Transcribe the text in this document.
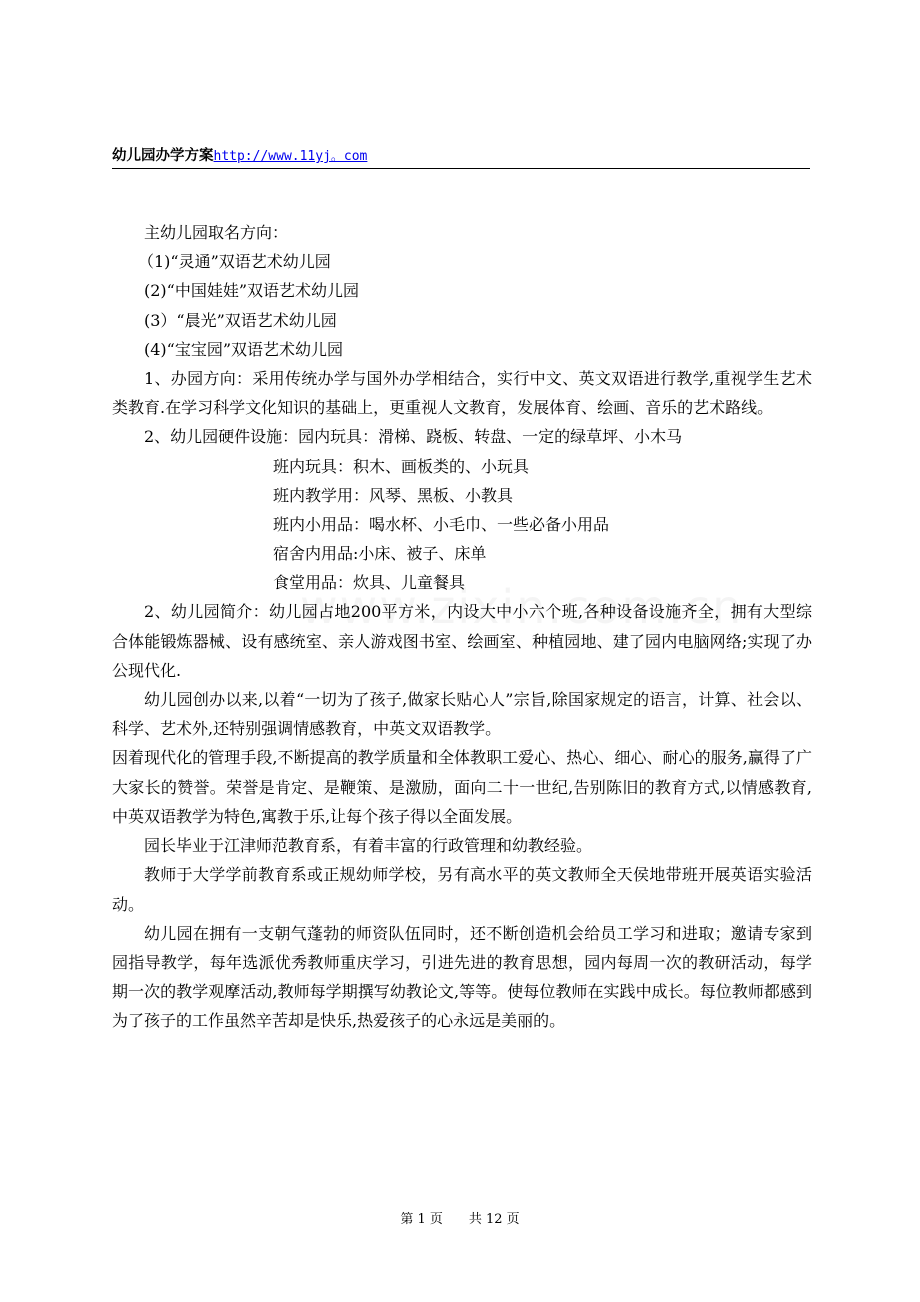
幼儿园办学方案http://www.11yj。com
主幼儿园取名方向：
（1)“灵通”双语艺术幼儿园
(2)“中国娃娃”双语艺术幼儿园
(3）“晨光”双语艺术幼儿园
(4)“宝宝园”双语艺术幼儿园
1、办园方向：采用传统办学与国外办学相结合，实行中文、英文双语进行教学,重视学生艺术类教育.在学习科学文化知识的基础上，更重视人文教育，发展体育、绘画、音乐的艺术路线。
2、幼儿园硬件设施：园内玩具：滑梯、跷板、转盘、一定的绿草坪、小木马
班内玩具：积木、画板类的、小玩具
班内教学用：风琴、黑板、小教具
班内小用品：喝水杯、小毛巾、一些必备小用品
宿舍内用品:小床、被子、床单
食堂用品：炊具、儿童餐具
2、幼儿园简介：幼儿园占地200平方米，内设大中小六个班,各种设备设施齐全，拥有大型综合体能锻炼器械、设有感统室、亲人游戏图书室、绘画室、种植园地、建了园内电脑网络;实现了办公现代化.
幼儿园创办以来,以着“一切为了孩子,做家长贴心人”宗旨,除国家规定的语言，计算、社会以、科学、艺术外,还特别强调情感教育，中英文双语教学。
因着现代化的管理手段,不断提高的教学质量和全体教职工爱心、热心、细心、耐心的服务,赢得了广大家长的赞誉。荣誉是肯定、是鞭策、是激励，面向二十一世纪,告别陈旧的教育方式,以情感教育,中英双语教学为特色,寓教于乐,让每个孩子得以全面发展。
园长毕业于江津师范教育系，有着丰富的行政管理和幼教经验。
教师于大学学前教育系或正规幼师学校，另有高水平的英文教师全天侯地带班开展英语实验活动。
幼儿园在拥有一支朝气蓬勃的师资队伍同时，还不断创造机会给员工学习和进取；邀请专家到园指导教学，每年选派优秀教师重庆学习，引进先进的教育思想，园内每周一次的教研活动，每学期一次的教学观摩活动,教师每学期撰写幼教论文,等等。使每位教师在实践中成长。每位教师都感到为了孩子的工作虽然辛苦却是快乐,热爱孩子的心永远是美丽的。
第 1 页　　共 12 页
